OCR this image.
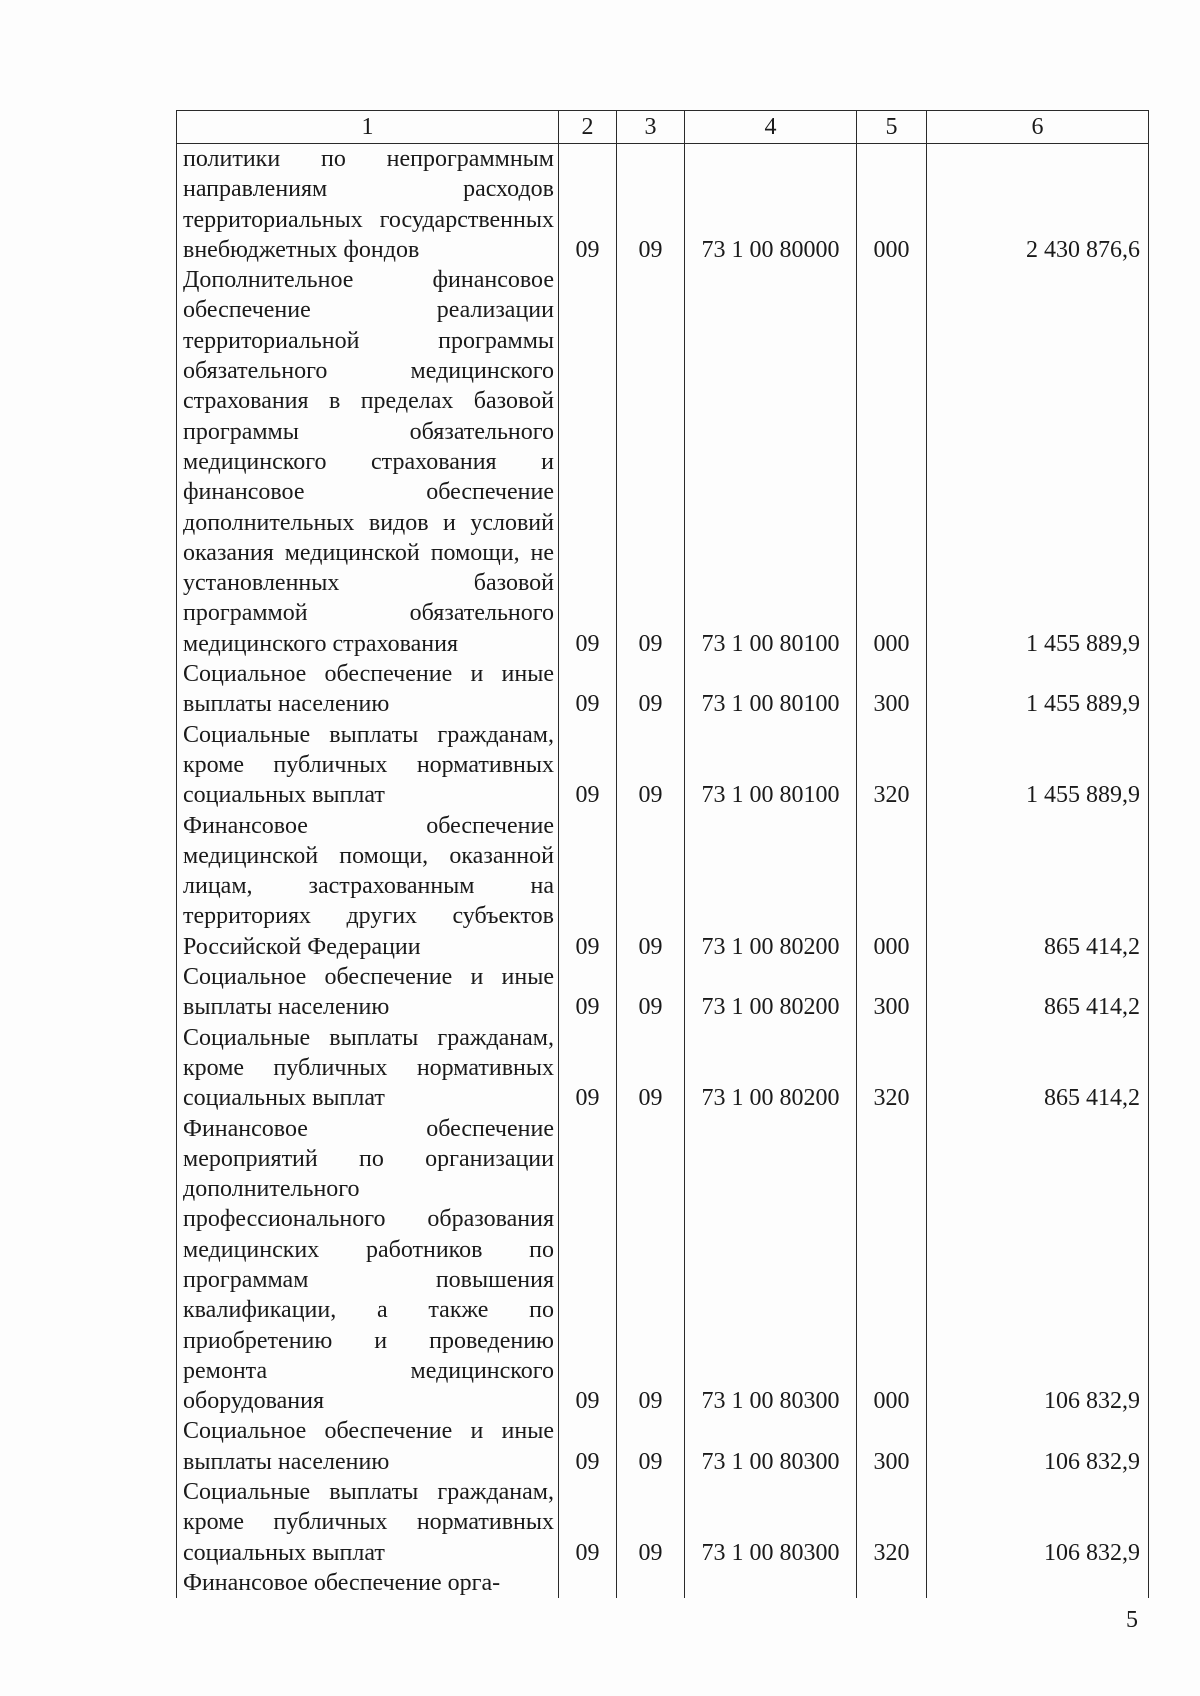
1	2	3	4	5	6
политики по непрограммным направлениям расходов территориальных государственных внебюджетных фондов	09	09	73 1 00 80000	000	2 430 876,6
Дополнительное финансовое обеспечение реализации территориальной программы обязательного медицинского страхования в пределах базовой программы обязательного медицинского страхования и финансовое обеспечение дополнительных видов и условий оказания медицинской помощи, не установленных базовой программой обязательного медицинского страхования	09	09	73 1 00 80100	000	1 455 889,9
Социальное обеспечение и иные выплаты населению	09	09	73 1 00 80100	300	1 455 889,9
Социальные выплаты гражданам, кроме публичных нормативных социальных выплат	09	09	73 1 00 80100	320	1 455 889,9
Финансовое обеспечение медицинской помощи, оказанной лицам, застрахованным на территориях других субъектов Российской Федерации	09	09	73 1 00 80200	000	865 414,2
Социальное обеспечение и иные выплаты населению	09	09	73 1 00 80200	300	865 414,2
Социальные выплаты гражданам, кроме публичных нормативных социальных выплат	09	09	73 1 00 80200	320	865 414,2
Финансовое обеспечение мероприятий по организации дополнительного профессионального образования медицинских работников по программам повышения квалификации, а также по приобретению и проведению ремонта медицинского оборудования	09	09	73 1 00 80300	000	106 832,9
Социальное обеспечение и иные выплаты населению	09	09	73 1 00 80300	300	106 832,9
Социальные выплаты гражданам, кроме публичных нормативных социальных выплат	09	09	73 1 00 80300	320	106 832,9
Финансовое обеспечение орга-					
5
